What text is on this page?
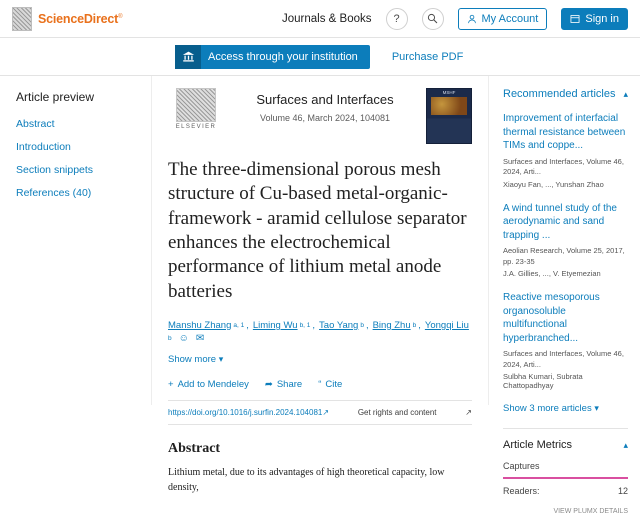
ScienceDirect®	Journals & Books ?	My Account	Sign in
Access through your institution	Purchase PDF
Article preview
Abstract
Introduction
Section snippets
References (40)
ELSEVIER
Surfaces and Interfaces
Volume 46, March 2024, 104081
MSHF
The three-dimensional porous mesh structure of Cu-based metal-organic-framework - aramid cellulose separator enhances the electrochemical performance of lithium metal anode batteries
Manshu Zhang a, 1 , Liming Wu b, 1 , Tao Yang b , Bing Zhu b , Yongqi Liu
b ☺ ✉
Show more ▾
+ Add to Mendeley ➦ Share “ Cite
https://doi.org/10.1016/j.surfin.2024.104081 ↗	Get rights and content	↗
Abstract
Lithium metal, due to its advantages of high theoretical capacity, low density,
Recommended articles ▴
Improvement of interfacial thermal resistance between TIMs and coppe...
Surfaces and Interfaces, Volume 46, 2024, Arti...
Xiaoyu Fan, ..., Yunshan Zhao
A wind tunnel study of the aerodynamic and sand trapping ...
Aeolian Research, Volume 25, 2017, pp. 23-35
J.A. Gillies, ..., V. Etyemezian
Reactive mesoporous organosoluble multifunctional hyperbranched...
Surfaces and Interfaces, Volume 46, 2024, Arti...
Sulbha Kumari, Subrata Chattopadhyay
Show 3 more articles ▾
Article Metrics	▴
Captures
Readers:	12
VIEW PLUMX DETAILS
